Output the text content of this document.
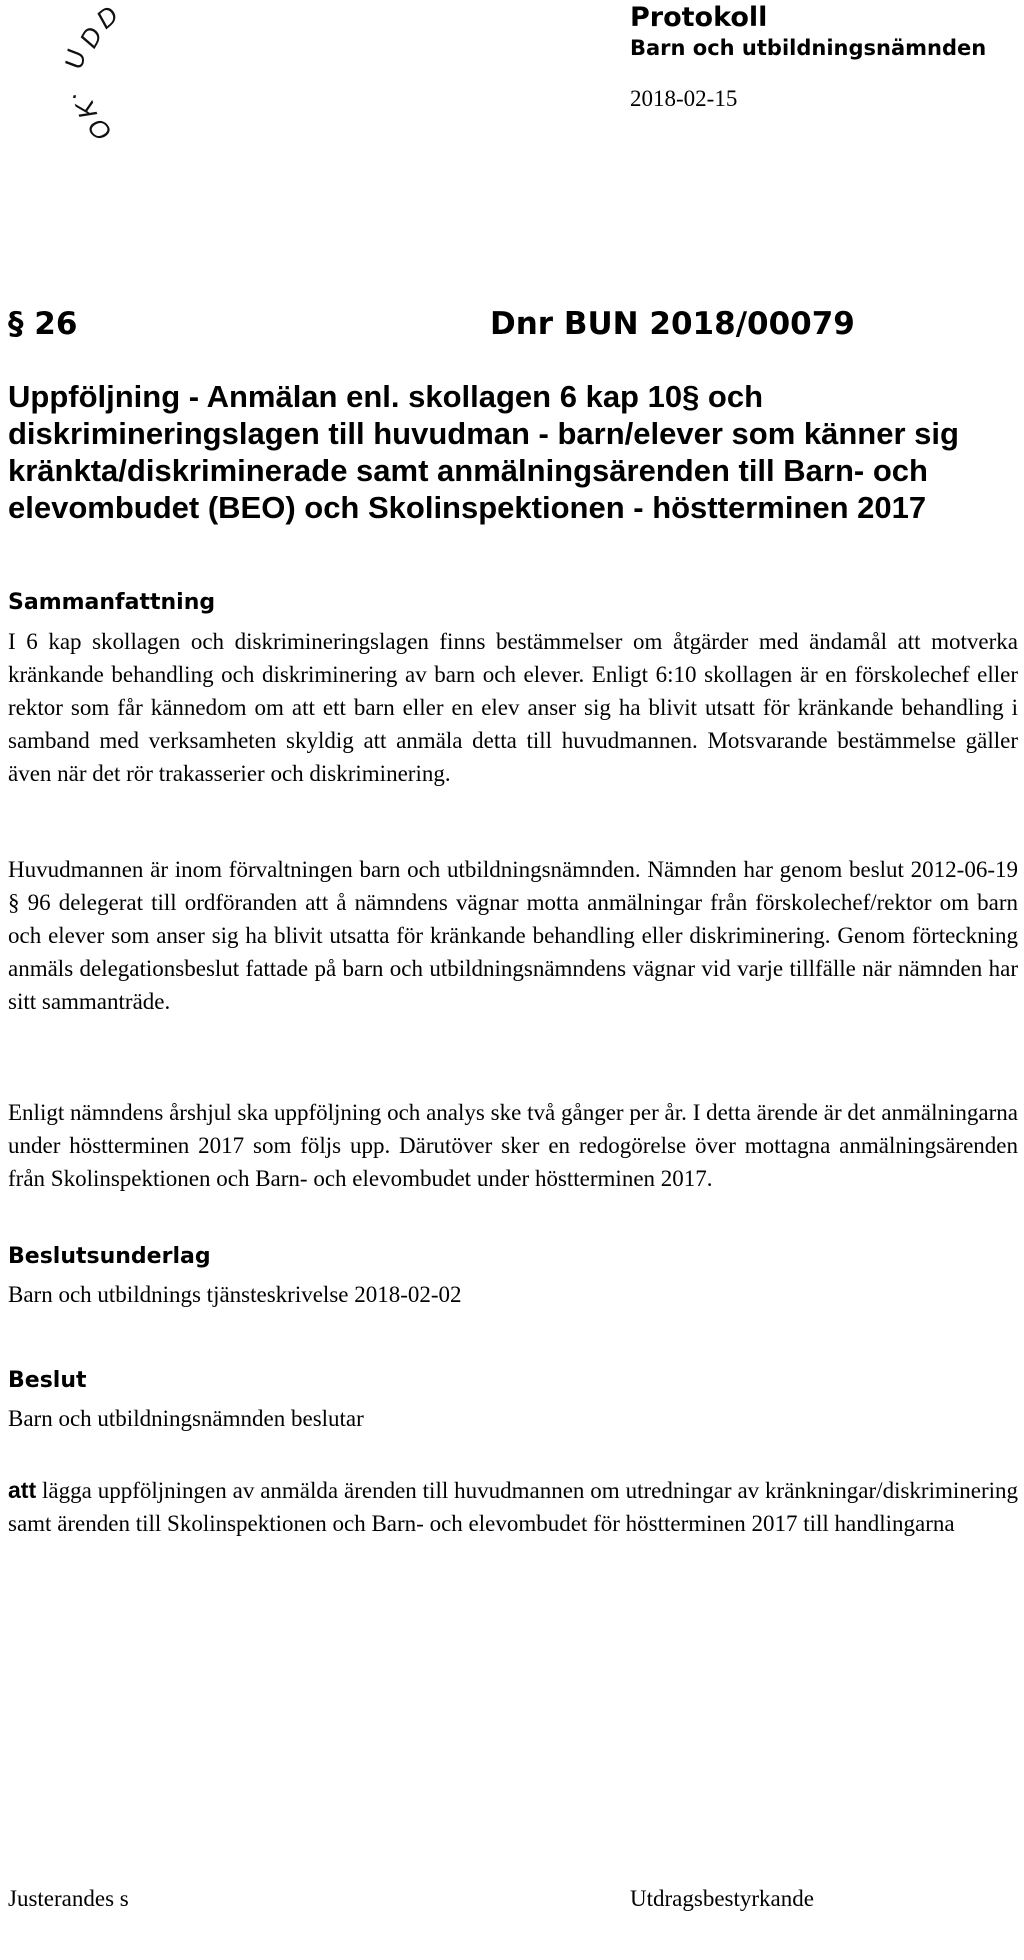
D
D
U
.
K
O
Protokoll
Barn och utbildningsnämnden
2018-02-15
§ 26	Dnr BUN 2018/00079
Uppföljning - Anmälan enl. skollagen 6 kap 10§ och diskrimineringslagen till huvudman - barn/elever som känner sig kränkta/diskriminerade samt anmälningsärenden till Barn- och elevombudet (BEO) och Skolinspektionen - höstterminen 2017
Sammanfattning

I 6 kap skollagen och diskrimineringslagen finns bestämmelser om åtgärder med ändamål att motverka kränkande behandling och diskriminering av barn och elever. Enligt 6:10 skollagen är en förskolechef eller rektor som får kännedom om att ett barn eller en elev anser sig ha blivit utsatt för kränkande behandling i samband med verksamheten skyldig att anmäla detta till huvudmannen. Motsvarande bestämmelse gäller även när det rör trakasserier och diskriminering.

Huvudmannen är inom förvaltningen barn och utbildningsnämnden. Nämnden har genom beslut 2012-06-19 § 96 delegerat till ordföranden att å nämndens vägnar motta anmälningar från förskolechef/rektor om barn och elever som anser sig ha blivit utsatta för kränkande behandling eller diskriminering. Genom förteckning anmäls delegationsbeslut fattade på barn och utbildningsnämndens vägnar vid varje tillfälle när nämnden har sitt sammanträde.

Enligt nämndens årshjul ska uppföljning och analys ske två gånger per år. I detta ärende är det anmälningarna under höstterminen 2017 som följs upp. Därutöver sker en redogörelse över mottagna anmälningsärenden från Skolinspektionen och Barn- och elevombudet under höstterminen 2017.

Beslutsunderlag
Barn och utbildnings tjänsteskrivelse 2018-02-02
Beslut
Barn och utbildningsnämnden beslutar

att lägga uppföljningen av anmälda ärenden till huvudmannen om utredningar av kränkningar/diskriminering samt ärenden till Skolinspektionen och Barn- och elevombudet för höstterminen 2017 till handlingarna

Justerandes s	Utdragsbestyrkande
